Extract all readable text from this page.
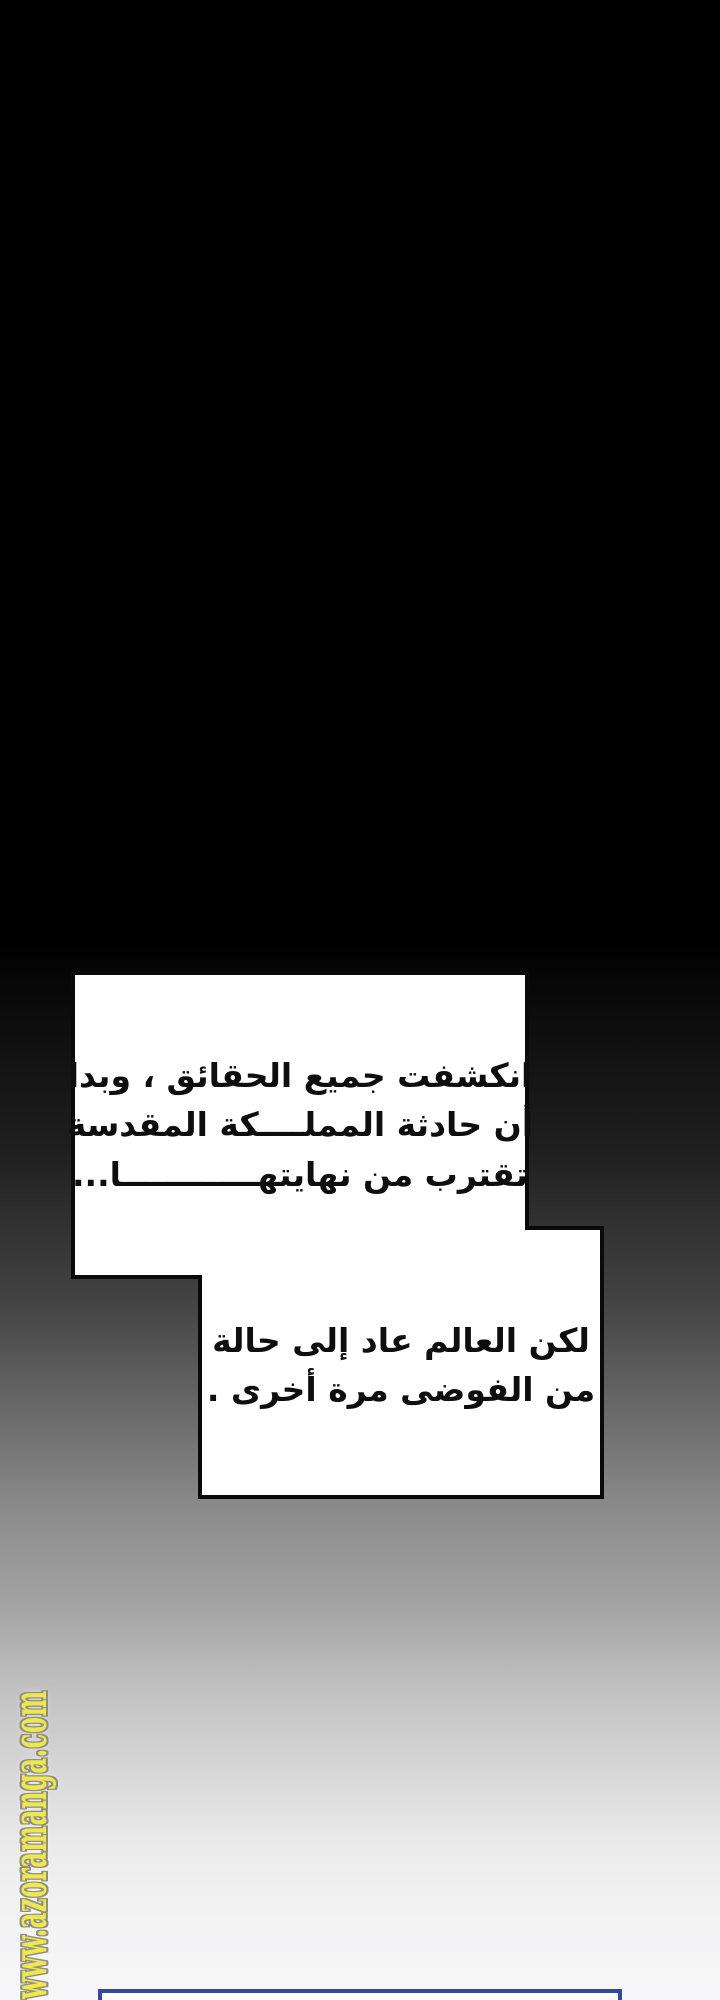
انكشفت جميع الحقائق ، وبدا
أن حادثة المملــــكة المقدسة
تقترب من نهايتهــــــــــــا...
لكن العالم عاد إلى حالة
من الفوضى مرة أخرى .
www.azoramanga.com
